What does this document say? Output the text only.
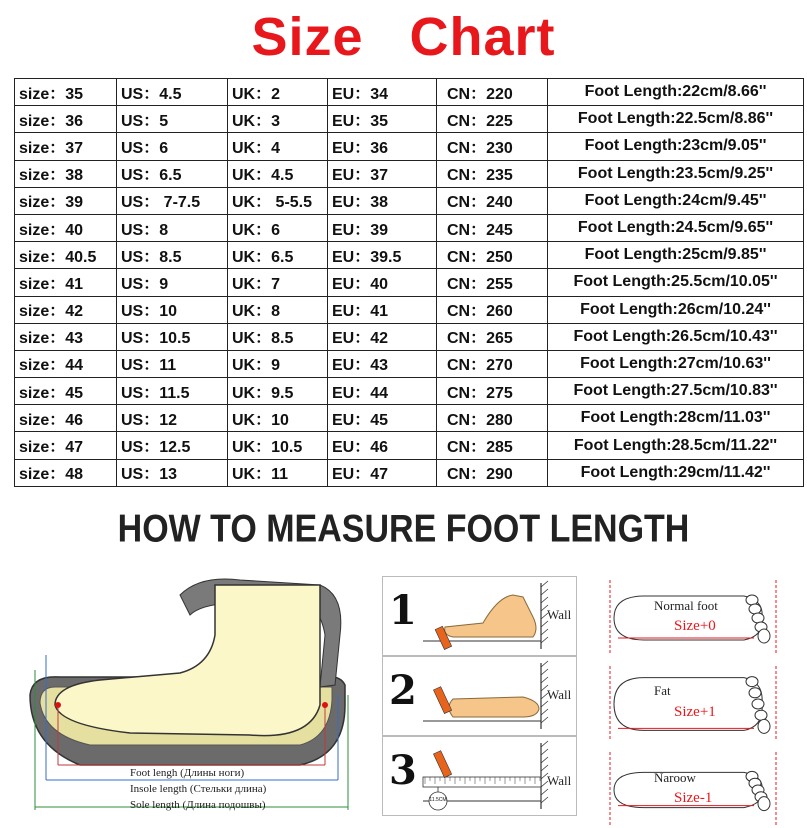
Size Chart
size：35	US：4.5	UK：2	EU：34	CN：220	Foot Length:22cm/8.66''
size：36	US：5	UK：3	EU：35	CN：225	Foot Length:22.5cm/8.86''
size：37	US：6	UK：4	EU：36	CN：230	Foot Length:23cm/9.05''
size：38	US：6.5	UK：4.5	EU：37	CN：235	Foot Length:23.5cm/9.25''
size：39	US： 7-7.5	UK： 5-5.5	EU：38	CN：240	Foot Length:24cm/9.45''
size：40	US：8	UK：6	EU：39	CN：245	Foot Length:24.5cm/9.65''
size：40.5	US：8.5	UK：6.5	EU：39.5	CN：250	Foot Length:25cm/9.85''
size：41	US：9	UK：7	EU：40	CN：255	Foot Length:25.5cm/10.05''
size：42	US：10	UK：8	EU：41	CN：260	Foot Length:26cm/10.24''
size：43	US：10.5	UK：8.5	EU：42	CN：265	Foot Length:26.5cm/10.43''
size：44	US：11	UK：9	EU：43	CN：270	Foot Length:27cm/10.63''
size：45	US：11.5	UK：9.5	EU：44	CN：275	Foot Length:27.5cm/10.83''
size：46	US：12	UK：10	EU：45	CN：280	Foot Length:28cm/11.03''
size：47	US：12.5	UK：10.5	EU：46	CN：285	Foot Length:28.5cm/11.22''
size：48	US：13	UK：11	EU：47	CN：290	Foot Length:29cm/11.42''
HOW TO MEASURE FOOT LENGTH
Foot lengh (Длины ноги)
Insole length (Стельки длина)
Sole length (Длина подошвы)
1	Wall
2	Wall
3	Wall
11.5CM
Normal foot
Size+0
Fat
Size+1
Naroow
Size-1
